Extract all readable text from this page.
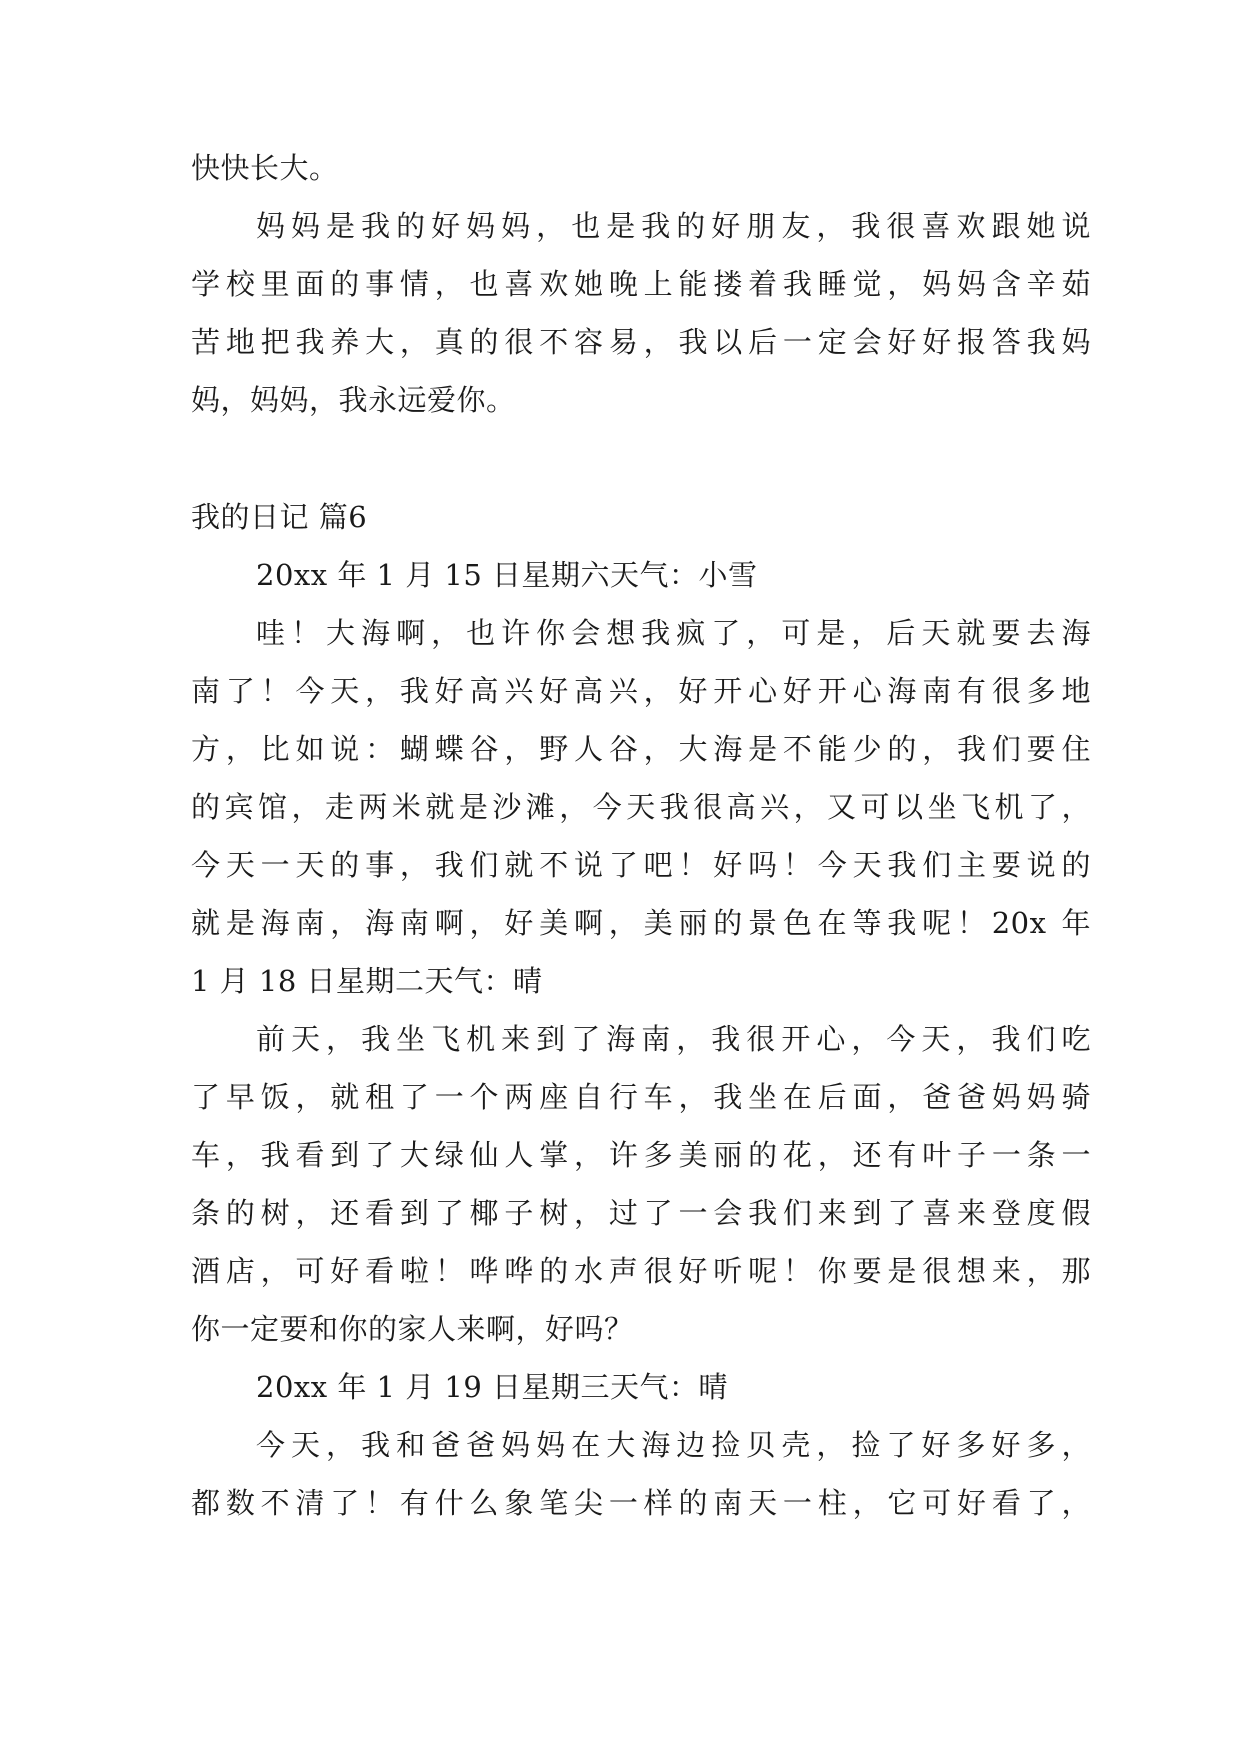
快快长大。

妈妈是我的好妈妈，也是我的好朋友，我很喜欢跟她说

学校里面的事情，也喜欢她晚上能搂着我睡觉，妈妈含辛茹

苦地把我养大，真的很不容易，我以后一定会好好报答我妈

妈，妈妈，我永远爱你。

我的日记 篇6

20xx 年 1 月 15 日星期六天气：小雪

哇！大海啊，也许你会想我疯了，可是，后天就要去海

南了！今天，我好高兴好高兴，好开心好开心海南有很多地

方，比如说：蝴蝶谷，野人谷，大海是不能少的，我们要住

的宾馆，走两米就是沙滩，今天我很高兴，又可以坐飞机了，

今天一天的事，我们就不说了吧！好吗！今天我们主要说的

就是海南，海南啊，好美啊，美丽的景色在等我呢！20x 年

1 月 18 日星期二天气：晴

前天，我坐飞机来到了海南，我很开心，今天，我们吃

了早饭，就租了一个两座自行车，我坐在后面，爸爸妈妈骑

车，我看到了大绿仙人掌，许多美丽的花，还有叶子一条一

条的树，还看到了椰子树，过了一会我们来到了喜来登度假

酒店，可好看啦！哗哗的水声很好听呢！你要是很想来，那

你一定要和你的家人来啊，好吗？

20xx 年 1 月 19 日星期三天气：晴

今天，我和爸爸妈妈在大海边捡贝壳，捡了好多好多，

都数不清了！有什么象笔尖一样的南天一柱，它可好看了，
